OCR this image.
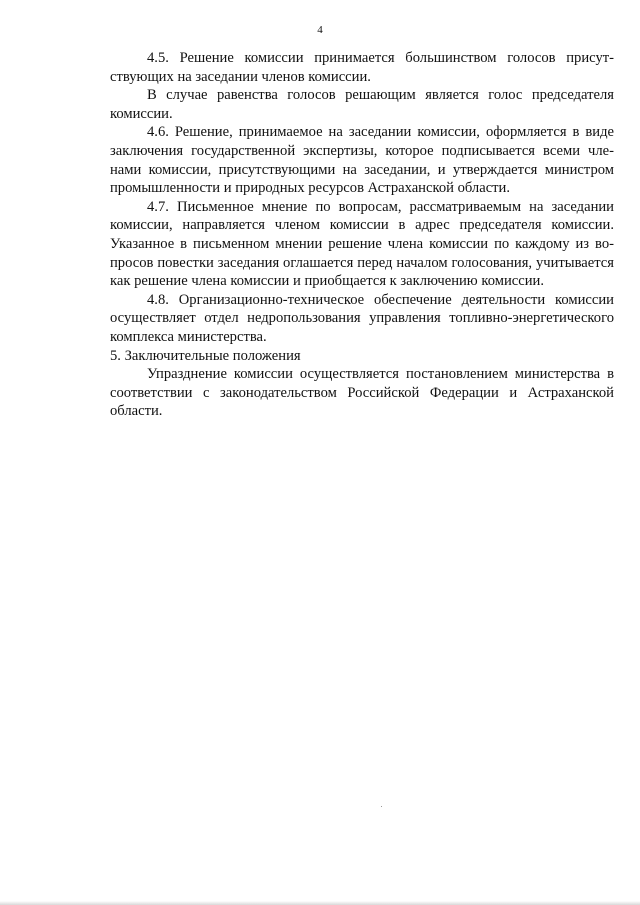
4

4.5. Решение комиссии принимается большинством голосов присутствующих на заседании членов комиссии.

В случае равенства голосов решающим является голос председателя комиссии.

4.6. Решение, принимаемое на заседании комиссии, оформляется в виде заключения государственной экспертизы, которое подписывается всеми членами комиссии, присутствующими на заседании, и утверждается министром промышленности и природных ресурсов Астраханской области.

4.7. Письменное мнение по вопросам, рассматриваемым на заседании комиссии, направляется членом комиссии в адрес председателя комиссии. Указанное в письменном мнении решение члена комиссии по каждому из вопросов повестки заседания оглашается перед началом голосования, учитывается как решение члена комиссии и приобщается к заключению комиссии.

4.8. Организационно-техническое обеспечение деятельности комиссии осуществляет отдел недропользования управления топливно-энергетического комплекса министерства.

5. Заключительные положения

Упразднение комиссии осуществляется постановлением министерства в соответствии с законодательством Российской Федерации и Астраханской области.
